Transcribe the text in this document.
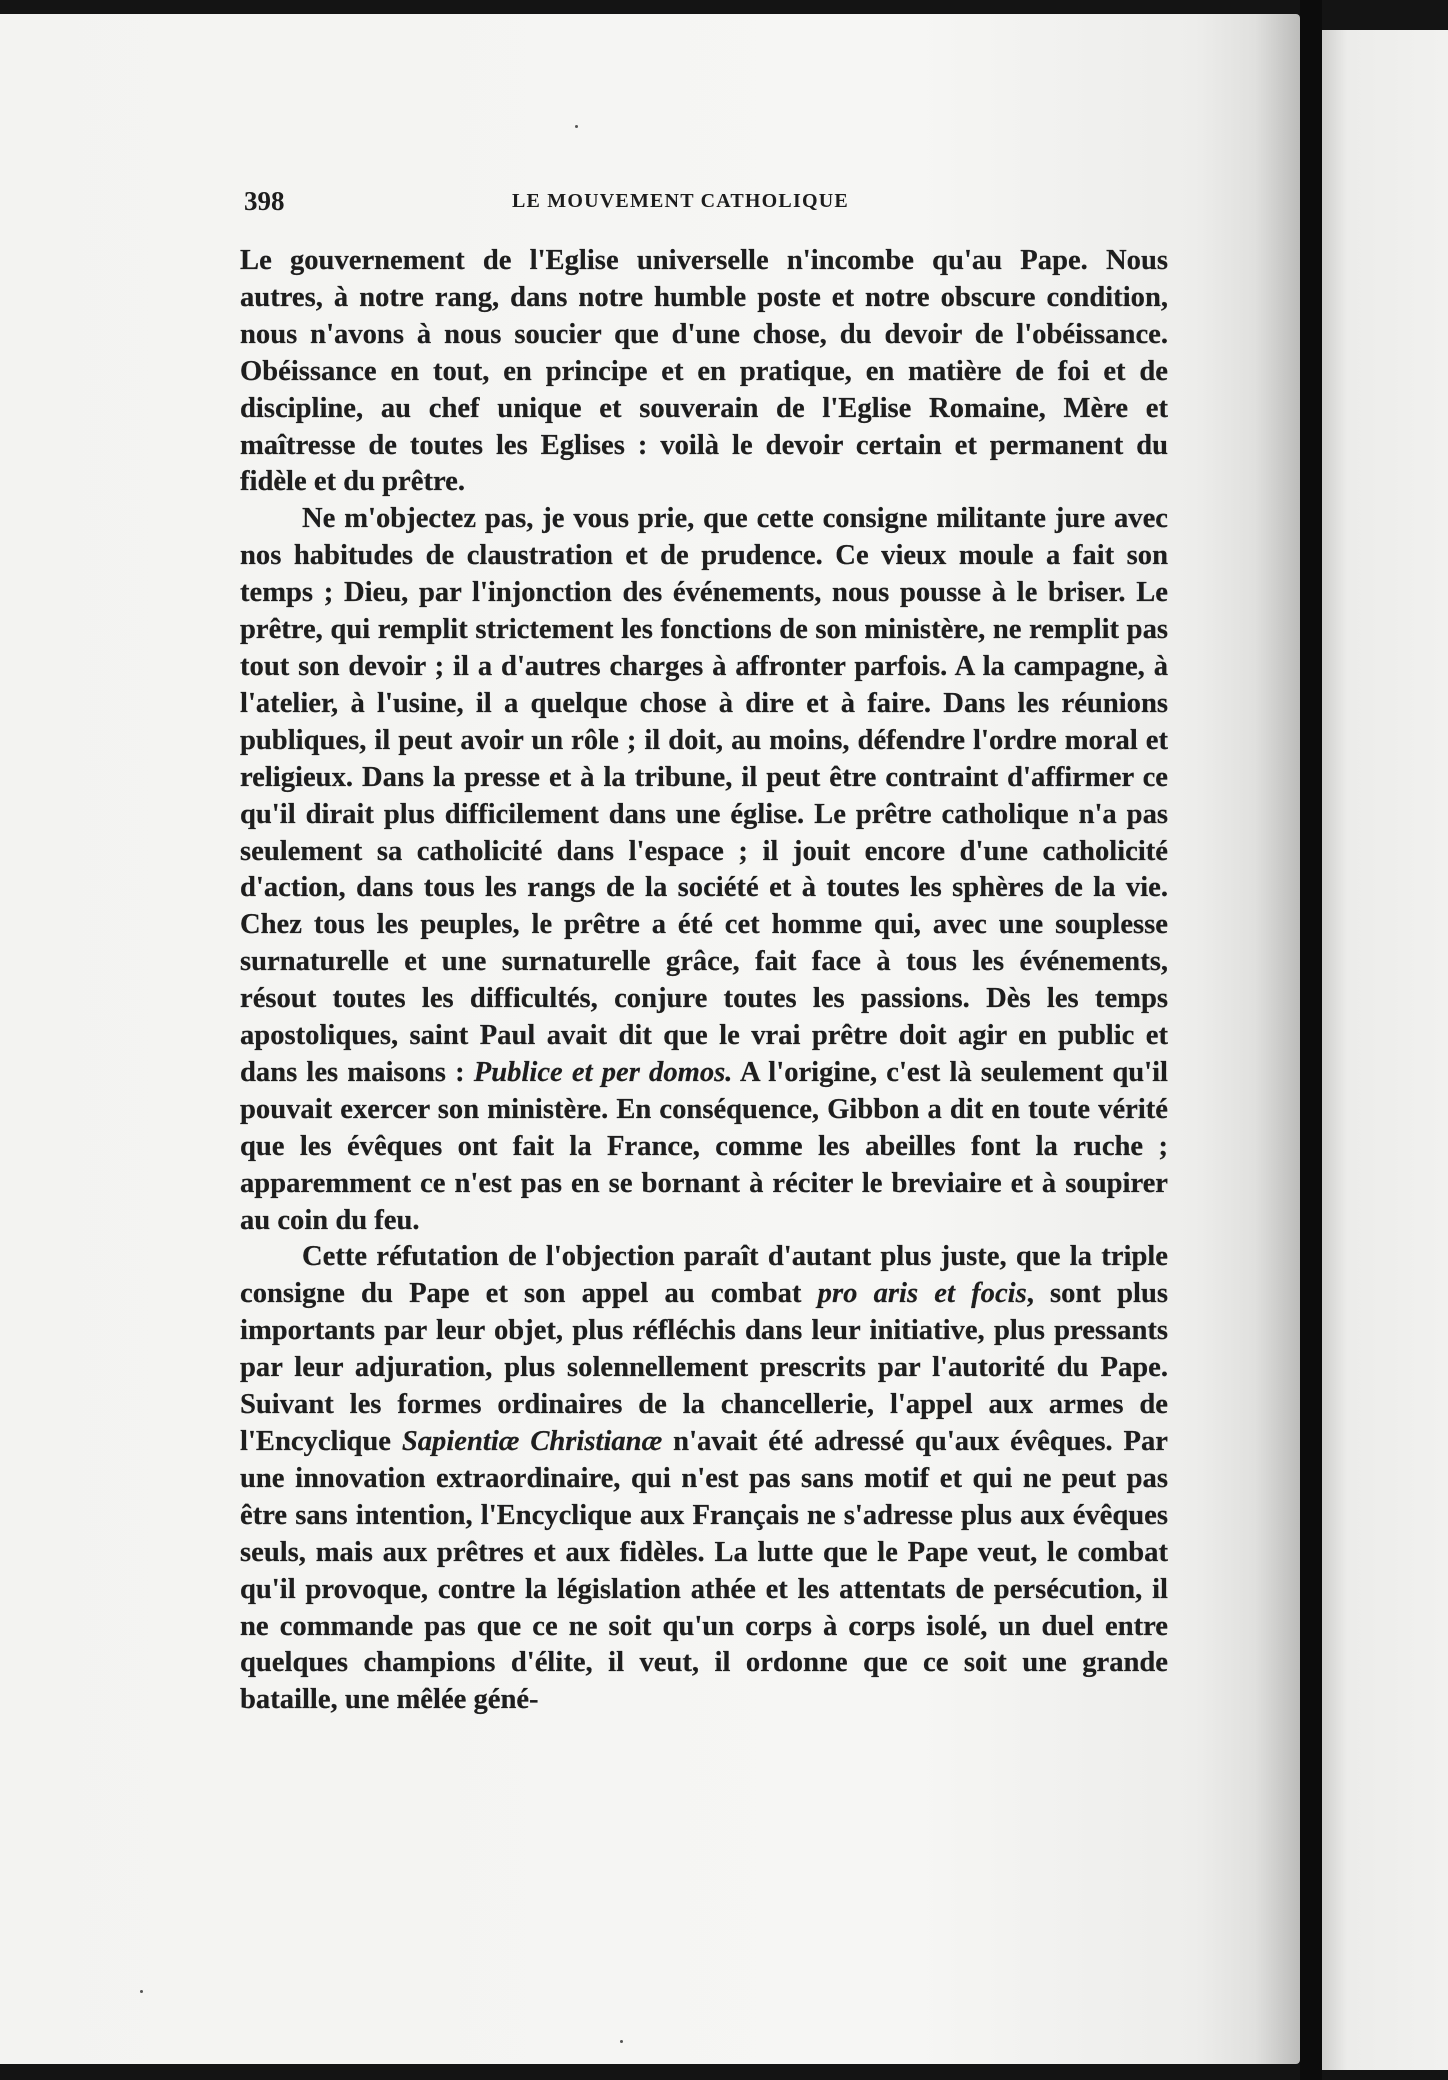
398	LE MOUVEMENT CATHOLIQUE

Le gouvernement de l'Eglise universelle n'incombe qu'au Pape. Nous autres, à notre rang, dans notre humble poste et notre obscure condition, nous n'avons à nous soucier que d'une chose, du devoir de l'obéissance. Obéissance en tout, en principe et en pratique, en matière de foi et de discipline, au chef unique et souverain de l'Eglise Romaine, Mère et maîtresse de toutes les Eglises : voilà le devoir certain et permanent du fidèle et du prêtre.

Ne m'objectez pas, je vous prie, que cette consigne militante jure avec nos habitudes de claustration et de prudence. Ce vieux moule a fait son temps ; Dieu, par l'injonction des événements, nous pousse à le briser. Le prêtre, qui remplit strictement les fonctions de son ministère, ne remplit pas tout son devoir ; il a d'autres charges à affronter parfois. A la campagne, à l'atelier, à l'usine, il a quelque chose à dire et à faire. Dans les réunions publiques, il peut avoir un rôle ; il doit, au moins, défendre l'ordre moral et religieux. Dans la presse et à la tribune, il peut être contraint d'affirmer ce qu'il dirait plus difficilement dans une église. Le prêtre catholique n'a pas seulement sa catholicité dans l'espace ; il jouit encore d'une catholicité d'action, dans tous les rangs de la société et à toutes les sphères de la vie. Chez tous les peuples, le prêtre a été cet homme qui, avec une souplesse surnaturelle et une surnaturelle grâce, fait face à tous les événements, résout toutes les difficultés, conjure toutes les passions. Dès les temps apostoliques, saint Paul avait dit que le vrai prêtre doit agir en public et dans les maisons : Publice et per domos. A l'origine, c'est là seulement qu'il pouvait exercer son ministère. En conséquence, Gibbon a dit en toute vérité que les évêques ont fait la France, comme les abeilles font la ruche ; apparemment ce n'est pas en se bornant à réciter le breviaire et à soupirer au coin du feu.

Cette réfutation de l'objection paraît d'autant plus juste, que la triple consigne du Pape et son appel au combat pro aris et focis, sont plus importants par leur objet, plus réfléchis dans leur initiative, plus pressants par leur adjuration, plus solennellement prescrits par l'autorité du Pape. Suivant les formes ordinaires de la chancellerie, l'appel aux armes de l'Encyclique Sapientiæ Christianæ n'avait été adressé qu'aux évêques. Par une innovation extraordinaire, qui n'est pas sans motif et qui ne peut pas être sans intention, l'Encyclique aux Français ne s'adresse plus aux évêques seuls, mais aux prêtres et aux fidèles. La lutte que le Pape veut, le combat qu'il provoque, contre la législation athée et les attentats de persécution, il ne commande pas que ce ne soit qu'un corps à corps isolé, un duel entre quelques champions d'élite, il veut, il ordonne que ce soit une grande bataille, une mêlée géné-
